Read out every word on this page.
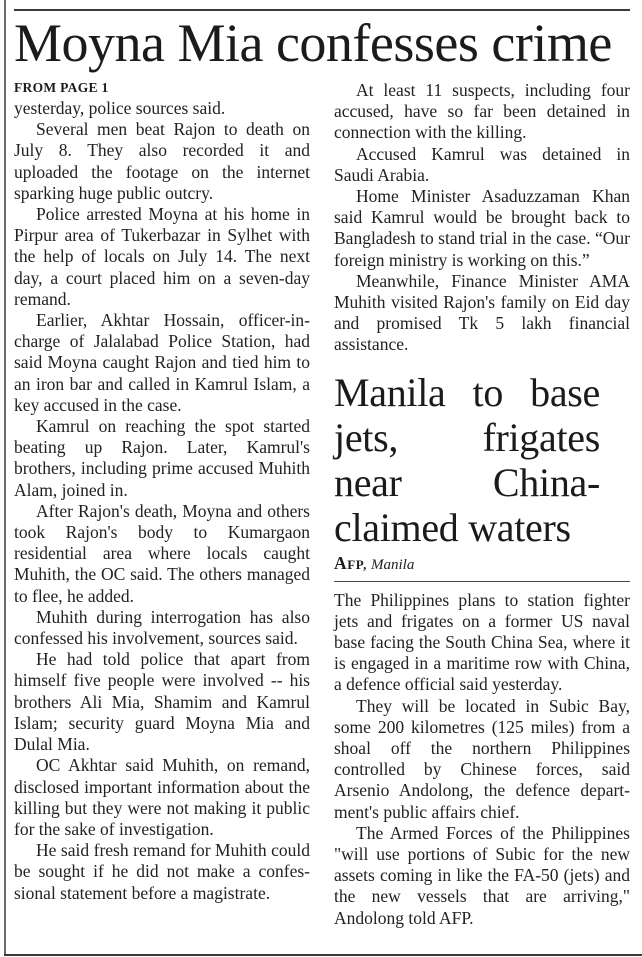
Moyna Mia confesses crime
FROM PAGE 1

yesterday, police sources said.

Several men beat Rajon to death on July 8. They also recorded it and uploaded the footage on the internet sparking huge public outcry.

Police arrested Moyna at his home in Pirpur area of Tukerbazar in Sylhet with the help of locals on July 14. The next day, a court placed him on a seven-day remand.

Earlier, Akhtar Hossain, officer-in-charge of Jalalabad Police Station, had said Moyna caught Rajon and tied him to an iron bar and called in Kamrul Islam, a key accused in the case.

Kamrul on reaching the spot started beating up Rajon. Later, Kamrul's brothers, including prime accused Muhith Alam, joined in.

After Rajon's death, Moyna and others took Rajon's body to Kumargaon residential area where locals caught Muhith, the OC said. The others managed to flee, he added.

Muhith during interrogation has also confessed his involvement, sources said.

He had told police that apart from himself five people were involved -- his brothers Ali Mia, Shamim and Kamrul Islam; security guard Moyna Mia and Dulal Mia.

OC Akhtar said Muhith, on remand, disclosed important information about the killing but they were not making it public for the sake of investigation.

He said fresh remand for Muhith could be sought if he did not make a confessional statement before a magistrate.

At least 11 suspects, including four accused, have so far been detained in connection with the killing.

Accused Kamrul was detained in Saudi Arabia.

Home Minister Asaduzzaman Khan said Kamrul would be brought back to Bangladesh to stand trial in the case. “Our foreign ministry is working on this.”

Meanwhile, Finance Minister AMA Muhith visited Rajon's family on Eid day and promised Tk 5 lakh financial assistance.

Manila to base jets, frigates near China-claimed waters
AFP, Manila

The Philippines plans to station fighter jets and frigates on a former US naval base facing the South China Sea, where it is engaged in a maritime row with China, a defence official said yesterday.

They will be located in Subic Bay, some 200 kilometres (125 miles) from a shoal off the northern Philippines controlled by Chinese forces, said Arsenio Andolong, the defence department's public affairs chief.

The Armed Forces of the Philippines "will use portions of Subic for the new assets coming in like the FA-50 (jets) and the new vessels that are arriving," Andolong told AFP.
